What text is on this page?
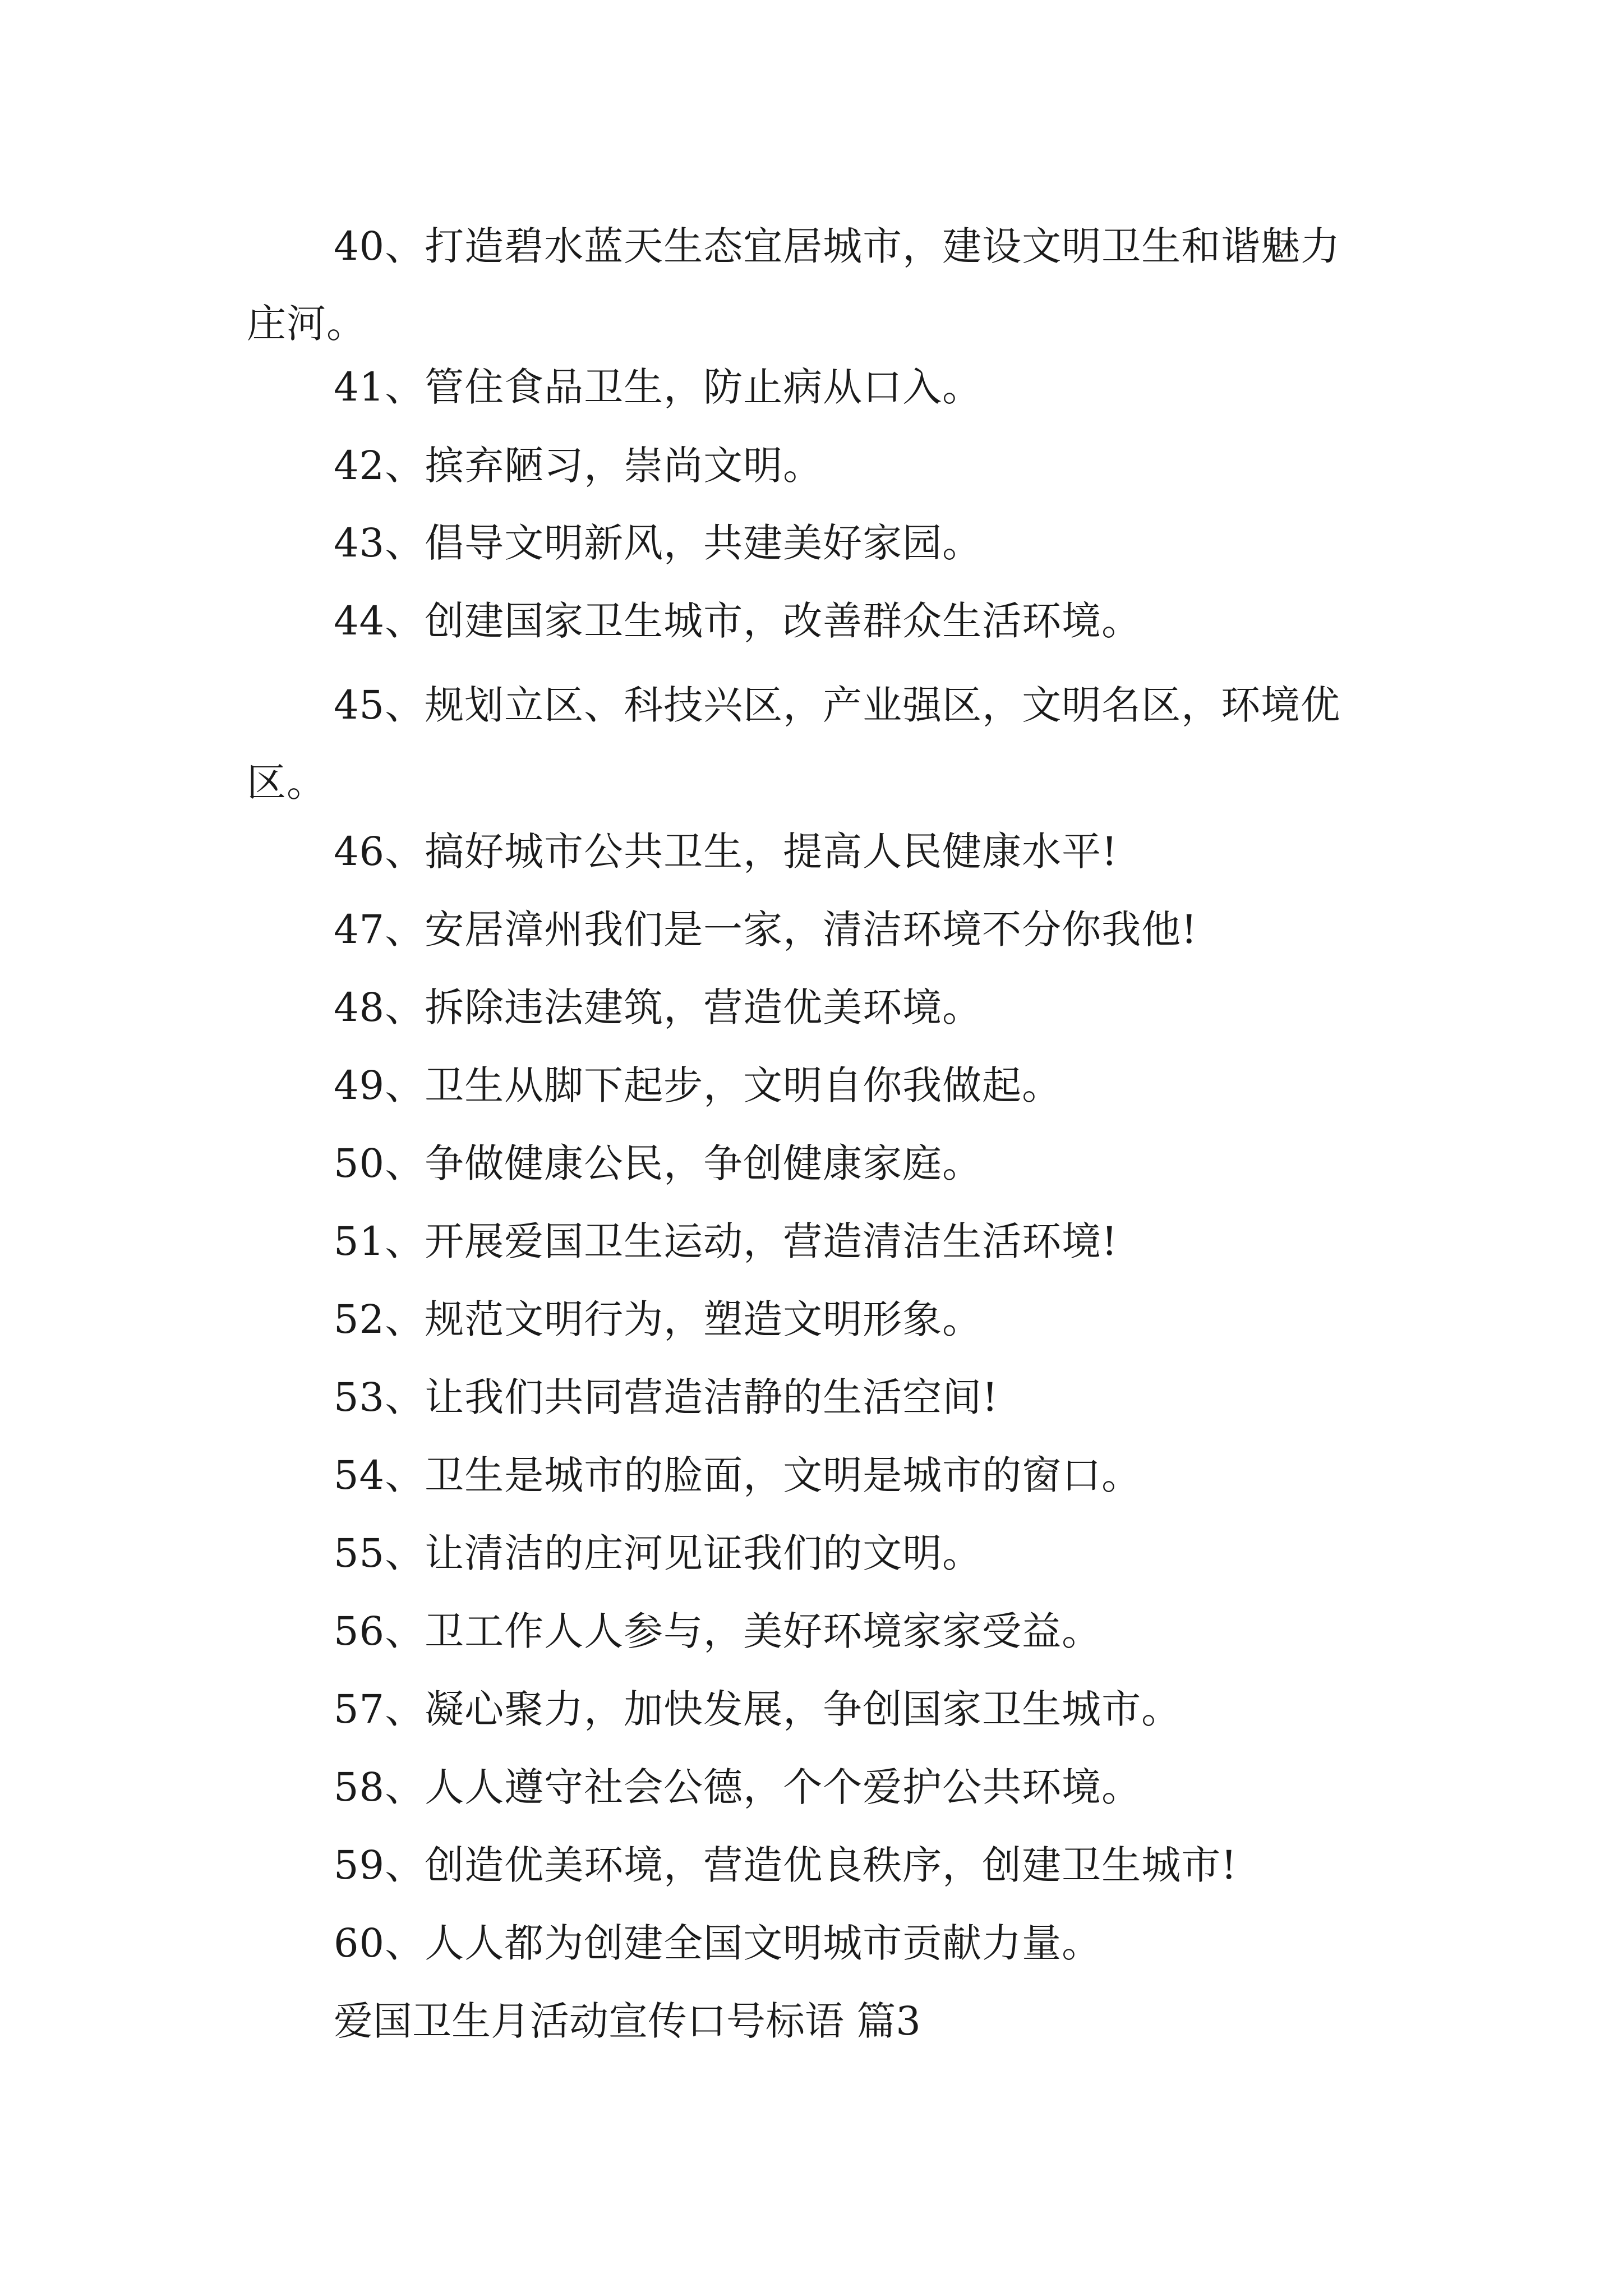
40、打造碧水蓝天生态宜居城市，建设文明卫生和谐魅力庄河。

41、管住食品卫生，防止病从口入。

42、摈弃陋习，崇尚文明。

43、倡导文明新风，共建美好家园。

44、创建国家卫生城市，改善群众生活环境。

45、规划立区、科技兴区，产业强区，文明名区，环境优区。

46、搞好城市公共卫生，提高人民健康水平!

47、安居漳州我们是一家，清洁环境不分你我他!

48、拆除违法建筑，营造优美环境。

49、卫生从脚下起步，文明自你我做起。

50、争做健康公民，争创健康家庭。

51、开展爱国卫生运动，营造清洁生活环境!

52、规范文明行为，塑造文明形象。

53、让我们共同营造洁静的生活空间!

54、卫生是城市的脸面，文明是城市的窗口。

55、让清洁的庄河见证我们的文明。

56、卫工作人人参与，美好环境家家受益。

57、凝心聚力，加快发展，争创国家卫生城市。

58、人人遵守社会公德，个个爱护公共环境。

59、创造优美环境，营造优良秩序，创建卫生城市!

60、人人都为创建全国文明城市贡献力量。

爱国卫生月活动宣传口号标语 篇3
